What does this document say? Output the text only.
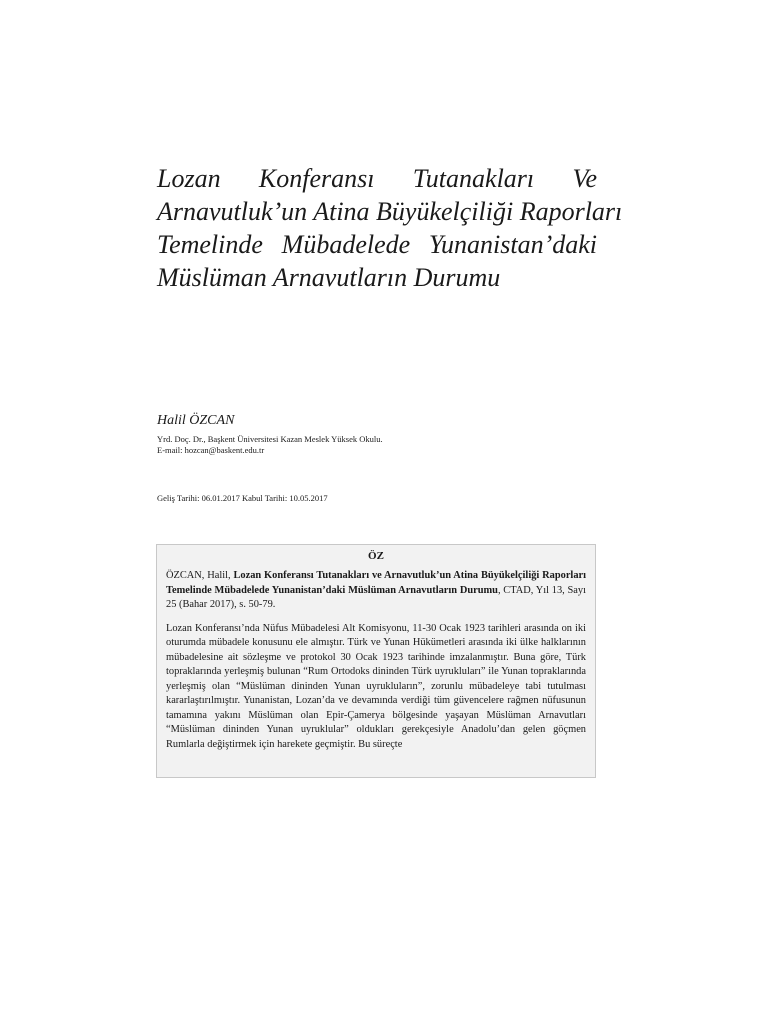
Lozan Konferansı Tutanakları Ve
Arnavutluk’un Atina Büyükelçiliği Raporları
Temelinde Mübadelede Yunanistan’daki
Müslüman Arnavutların Durumu

Halil ÖZCAN

Yrd. Doç. Dr., Başkent Üniversitesi Kazan Meslek Yüksek Okulu.

E-mail: hozcan@baskent.edu.tr

Geliş Tarihi: 06.01.2017 Kabul Tarihi: 10.05.2017

ÖZ

ÖZCAN, Halil, Lozan Konferansı Tutanakları ve Arnavutluk’un Atina Büyükelçiliği Raporları Temelinde Mübadelede Yunanistan’daki Müslüman Arnavutların Durumu, CTAD, Yıl 13, Sayı 25 (Bahar 2017), s. 50-79.

Lozan Konferansı’nda Nüfus Mübadelesi Alt Komisyonu, 11-30 Ocak 1923 tarihleri arasında on iki oturumda mübadele konusunu ele almıştır. Türk ve Yunan Hükümetleri arasında iki ülke halklarının mübadelesine ait sözleşme ve protokol 30 Ocak 1923 tarihinde imzalanmıştır. Buna göre, Türk topraklarında yerleşmiş bulunan “Rum Ortodoks dininden Türk uyrukluları” ile Yunan topraklarında yerleşmiş olan “Müslüman dininden Yunan uyrukluların”, zorunlu mübadeleye tabi tutulması kararlaştırılmıştır. Yunanistan, Lozan’da ve devamında verdiği tüm güvencelere rağmen nüfusunun tamamına yakını Müslüman olan Epir-Çamerya bölgesinde yaşayan Müslüman Arnavutları “Müslüman dininden Yunan uyruklular” oldukları gerekçesiyle Anadolu’dan gelen göçmen Rumlarla değiştirmek için harekete geçmiştir. Bu süreçte
